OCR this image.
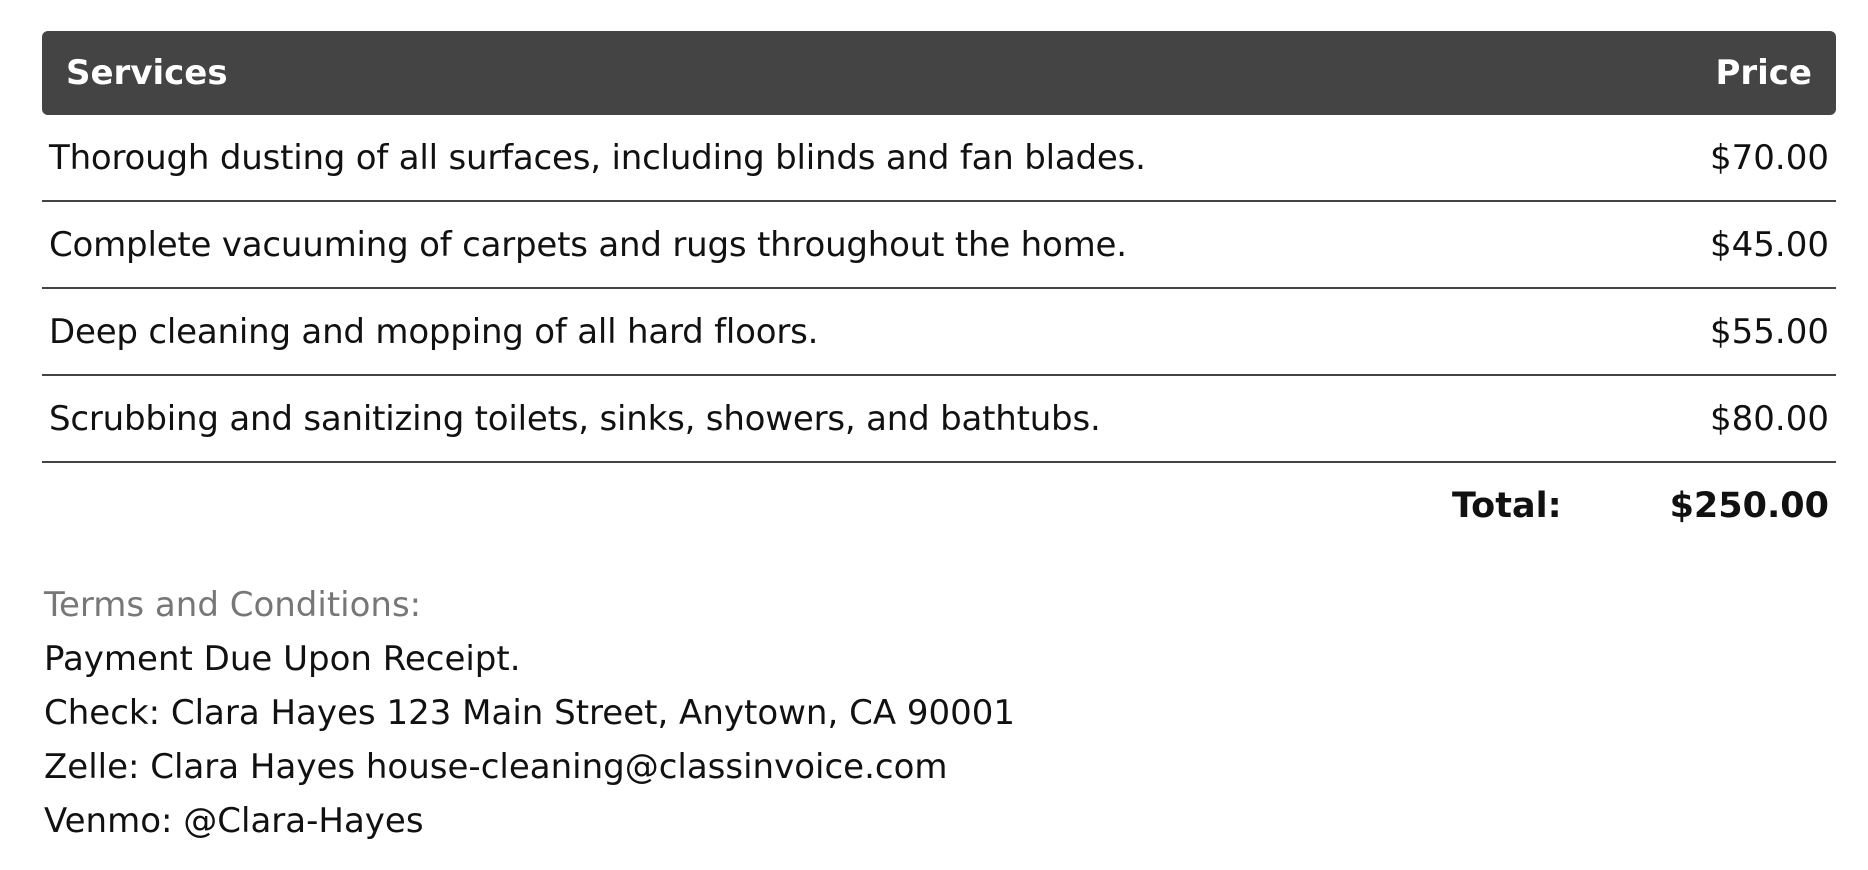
Services	Price
Thorough dusting of all surfaces, including blinds and fan blades.	$70.00
Complete vacuuming of carpets and rugs throughout the home.	$45.00
Deep cleaning and mopping of all hard floors.	$55.00
Scrubbing and sanitizing toilets, sinks, showers, and bathtubs.	$80.00
Total:	$250.00
Terms and Conditions:
Payment Due Upon Receipt.
Check: Clara Hayes 123 Main Street, Anytown, CA 90001
Zelle: Clara Hayes house-cleaning@classinvoice.com
Venmo: @Clara-Hayes
